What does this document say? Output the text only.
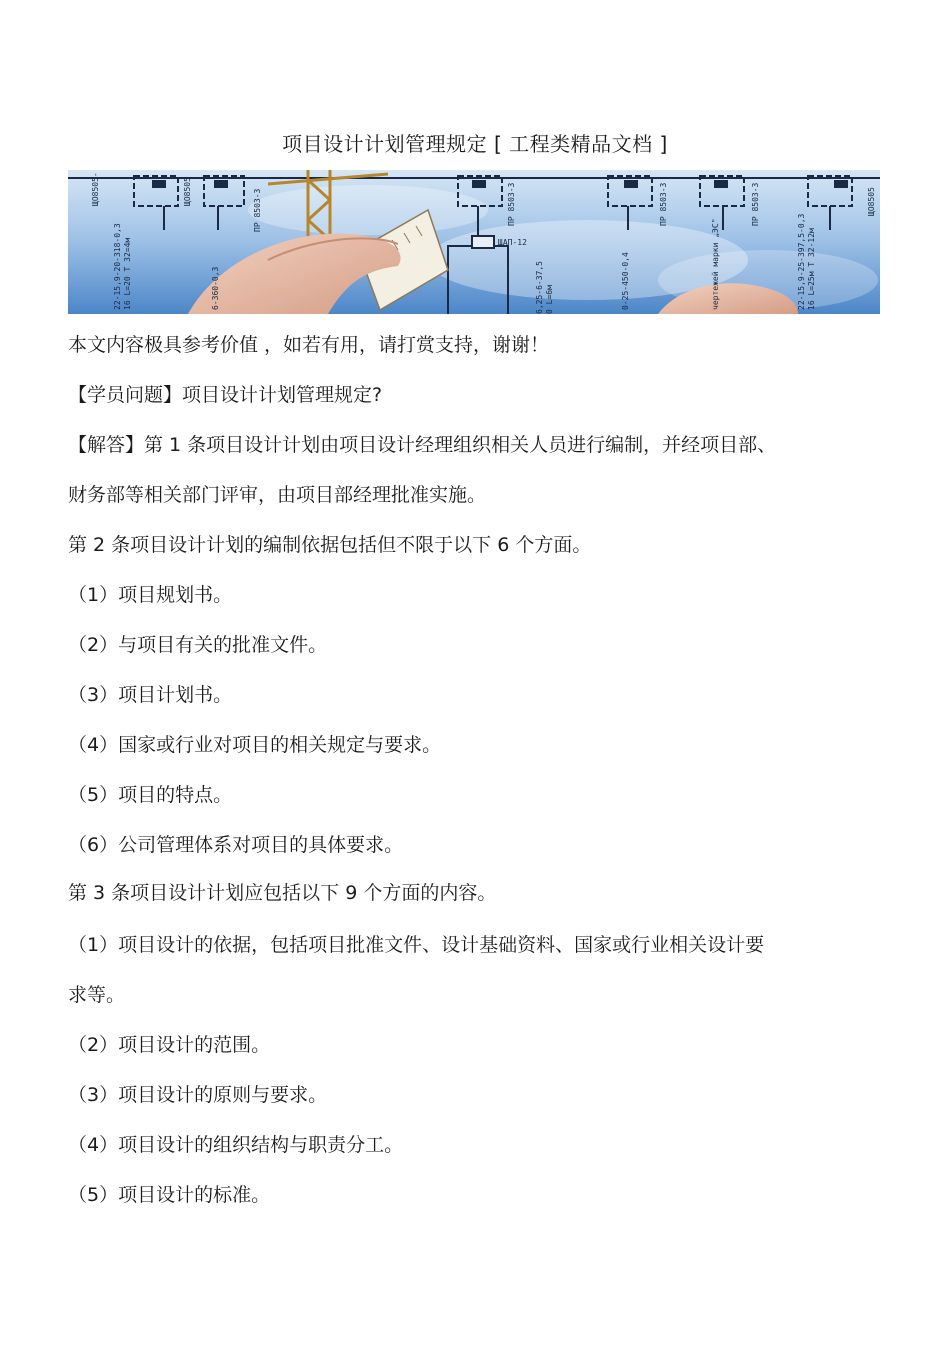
项目设计计划管理规定 [ 工程类精品文档 ]
22-15,9-20-318-0,3 16 L=20 T 32=4м	6-360-0,3	6,25-6-37,5 0 L=6м	0-25-450-0,4	чертежей марки „ЭС"	22-15,9-25-397,5-0,3 16 L=25м T 32-12м
ЩО8505-	ЩО8505	ПР 8503-3	ПР 8503-3	ПР 8503-3	ПР 8503-3	ЩО8505
ЩАП-12
本文内容极具参考价值 ，如若有用，请打赏支持，谢谢！
【学员问题】项目设计计划管理规定?
【解答】第 1 条项目设计计划由项目设计经理组织相关人员进行编制，并经项目部、
财务部等相关部门评审，由项目部经理批准实施。
第 2 条项目设计计划的编制依据包括但不限于以下 6 个方面。
（1）项目规划书。
（2）与项目有关的批准文件。
（3）项目计划书。
（4）国家或行业对项目的相关规定与要求。
（5）项目的特点。
（6）公司管理体系对项目的具体要求。
第 3 条项目设计计划应包括以下 9 个方面的内容。
（1）项目设计的依据，包括项目批准文件、设计基础资料、国家或行业相关设计要
求等。
（2）项目设计的范围。
（3）项目设计的原则与要求。
（4）项目设计的组织结构与职责分工。
（5）项目设计的标准。
